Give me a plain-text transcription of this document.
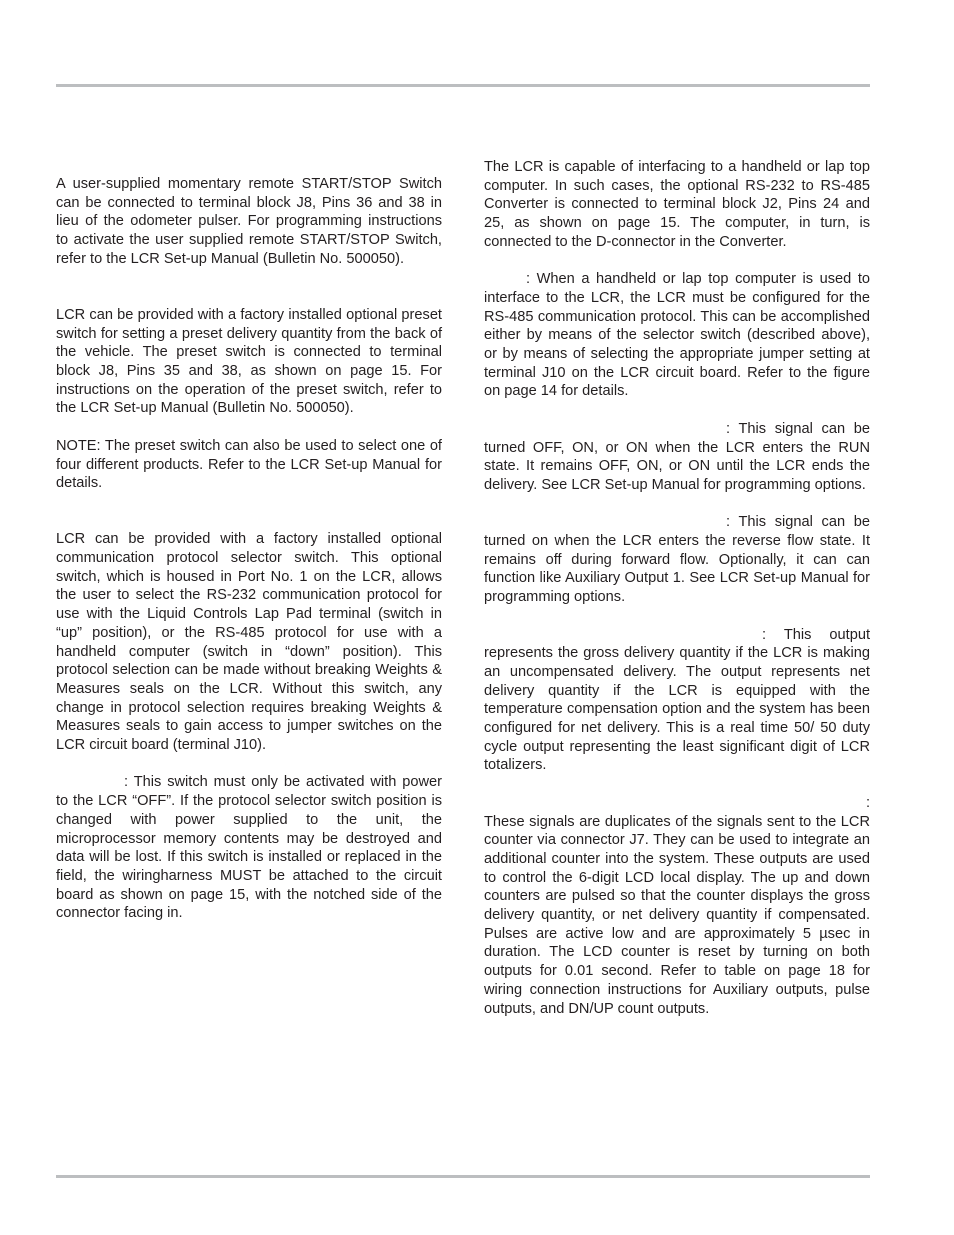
A user-supplied momentary remote START/STOP Switch can be connected to terminal block J8, Pins 36 and 38 in lieu of the odometer pulser. For programming instructions to activate the user supplied remote START/STOP Switch, refer to the LCR Set-up Manual (Bulletin No. 500050).

LCR can be provided with a factory installed optional preset switch for setting a preset delivery quantity from the back of the vehicle. The preset switch is connected to terminal block J8, Pins 35 and 38, as shown on page 15. For instructions on the operation of the preset switch, refer to the LCR Set-up Manual (Bulletin No. 500050).

NOTE: The preset switch can also be used to select one of four different products. Refer to the LCR Set-up Manual for details.

LCR can be provided with a factory installed optional communication protocol selector switch. This optional switch, which is housed in Port No. 1 on the LCR, allows the user to select the RS-232 communication protocol for use with the Liquid Controls Lap Pad terminal (switch in “up” position), or the RS-485 protocol for use with a handheld computer (switch in “down” position). This protocol selection can be made without breaking Weights & Measures seals on the LCR. Without this switch, any change in protocol selection requires breaking Weights & Measures seals to gain access to jumper switches on the LCR circuit board (terminal J10).

: This switch must only be activated with power to the LCR “OFF”. If the protocol selector switch position is changed with power supplied to the unit, the microprocessor memory contents may be destroyed and data will be lost. If this switch is installed or replaced in the field, the wiringharness MUST be attached to the circuit board as shown on page 15, with the notched side of the connector facing in.

The LCR is capable of interfacing to a handheld or lap top computer. In such cases, the optional RS-232 to RS-485 Converter is connected to terminal block J2, Pins 24 and 25, as shown on page 15. The computer, in turn, is connected to the D-connector in the Converter.

: When a handheld or lap top computer is used to interface to the LCR, the LCR must be configured for the RS-485 communication protocol. This can be accomplished either by means of the selector switch (described above), or by means of selecting the appropriate jumper setting at terminal J10 on the LCR circuit board. Refer to the figure on page 14 for details.

: This signal can be turned OFF, ON, or ON when the LCR enters the RUN state. It remains OFF, ON, or ON until the LCR ends the delivery. See LCR Set-up Manual for programming options.

: This signal can be turned on when the LCR enters the reverse flow state. It remains off during forward flow. Optionally, it can can function like Auxiliary Output 1. See LCR Set-up Manual for programming options.

: This output represents the gross delivery quantity if the LCR is making an uncompensated delivery. The output represents net delivery quantity if the LCR is equipped with the temperature compensation option and the system has been configured for net delivery. This is a real time 50/ 50 duty cycle output representing the least significant digit of LCR totalizers.

:

These signals are duplicates of the signals sent to the LCR counter via connector J7. They can be used to integrate an additional counter into the system. These outputs are used to control the 6-digit LCD local display. The up and down counters are pulsed so that the counter displays the gross delivery quantity, or net delivery quantity if compensated. Pulses are active low and are approximately 5 µsec in duration. The LCD counter is reset by turning on both outputs for 0.01 second. Refer to table on page 18 for wiring connection instructions for Auxiliary outputs, pulse outputs, and DN/UP count outputs.
